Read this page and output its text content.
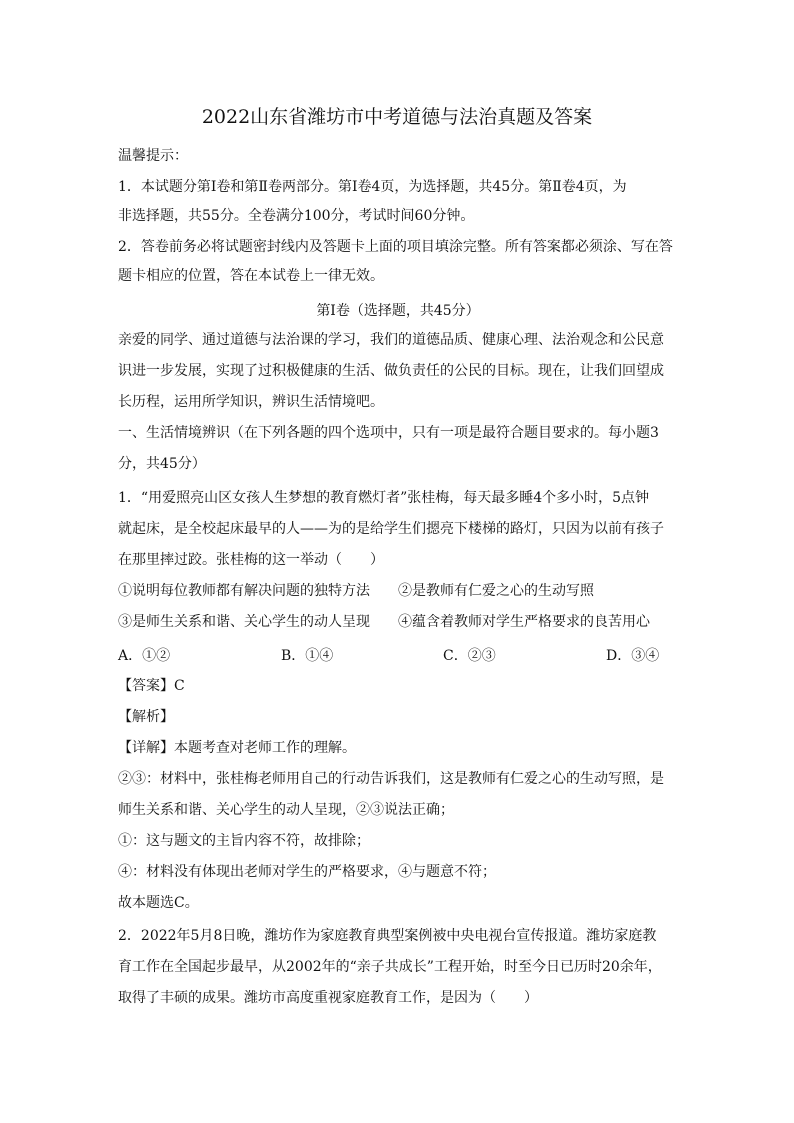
2022山东省潍坊市中考道德与法治真题及答案
温馨提示：
1．本试题分第Ⅰ卷和第Ⅱ卷两部分。第Ⅰ卷4页，为选择题，共45分。第Ⅱ卷4页，为
非选择题，共55分。全卷满分100分，考试时间60分钟。
2．答卷前务必将试题密封线内及答题卡上面的项目填涂完整。所有答案都必须涂、写在答
题卡相应的位置，答在本试卷上一律无效。
第Ⅰ卷（选择题，共45分）
亲爱的同学、通过道德与法治课的学习，我们的道德品质、健康心理、法治观念和公民意
识进一步发展，实现了过积极健康的生活、做负责任的公民的目标。现在，让我们回望成
长历程，运用所学知识，辨识生活情境吧。
一、生活情境辨识（在下列各题的四个选项中，只有一项是最符合题目要求的。每小题3
分，共45分）
1．“用爱照亮山区女孩人生梦想的教育燃灯者”张桂梅，每天最多睡4个多小时，5点钟
就起床，是全校起床最早的人——为的是给学生们摁亮下楼梯的路灯，只因为以前有孩子
在那里摔过跤。张桂梅的这一举动（　　）
①说明每位教师都有解决问题的独特方法 ②是教师有仁爱之心的生动写照
③是师生关系和谐、关心学生的动人呈现 ④蕴含着教师对学生严格要求的良苦用心
A．①②	B．①④	C．②③	D．③④
【答案】C
【解析】
【详解】本题考查对老师工作的理解。
②③：材料中，张桂梅老师用自己的行动告诉我们，这是教师有仁爱之心的生动写照，是
师生关系和谐、关心学生的动人呈现，②③说法正确；
①：这与题文的主旨内容不符，故排除；
④：材料没有体现出老师对学生的严格要求，④与题意不符；
故本题选C。
2．2022年5月8日晚，潍坊作为家庭教育典型案例被中央电视台宣传报道。潍坊家庭教
育工作在全国起步最早，从2002年的“亲子共成长”工程开始，时至今日已历时20余年，
取得了丰硕的成果。潍坊市高度重视家庭教育工作，是因为（　　）
